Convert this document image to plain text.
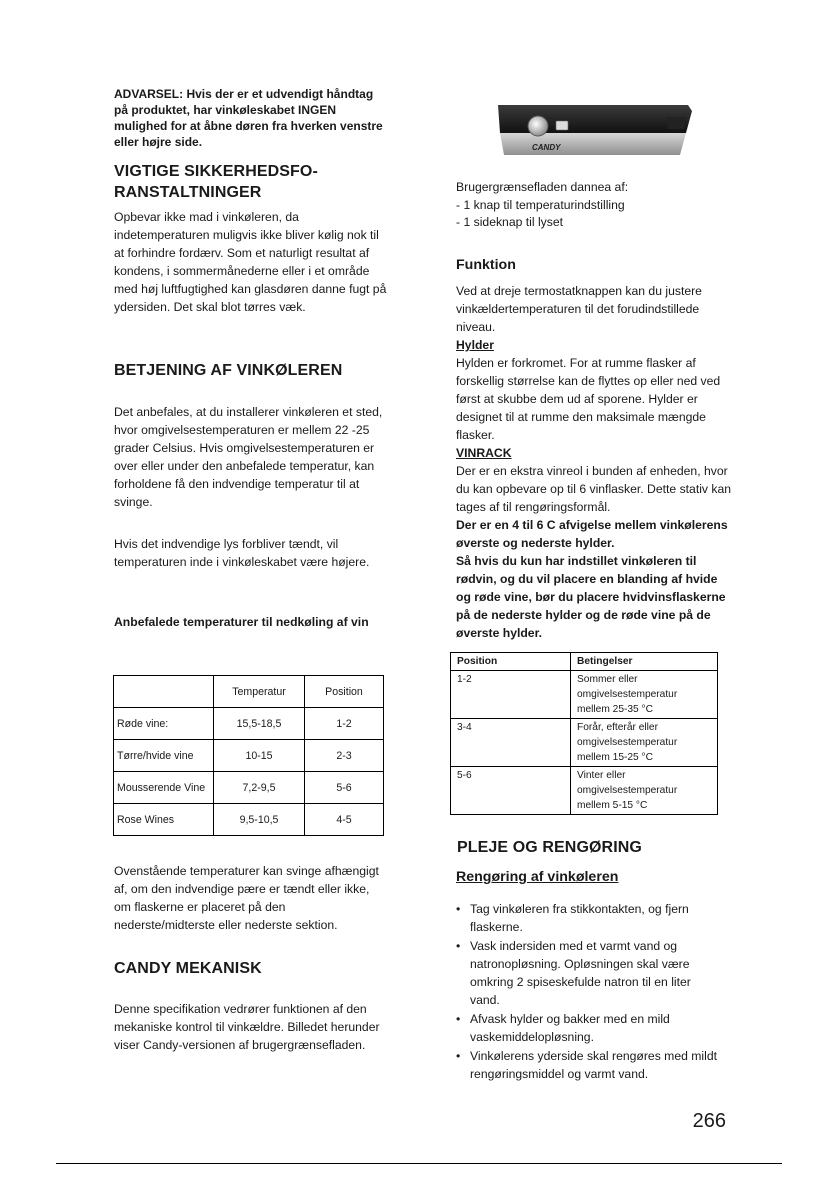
ADVARSEL: Hvis der er et udvendigt håndtag på produktet, har vinkøleskabet INGEN mulighed for at åbne døren fra hverken venstre eller højre side.
VIGTIGE SIKKERHEDSFO-
RANSTALTNINGER
Opbevar ikke mad i vinkøleren, da indetemperaturen muligvis ikke bliver kølig nok til at forhindre fordærv. Som et naturligt resultat af kondens, i sommermånederne eller i et område med høj luftfugtighed kan glasdøren danne fugt på ydersiden. Det skal blot tørres væk.
BETJENING AF VINKØLEREN
Det anbefales, at du installerer vinkøleren et sted, hvor omgivelsestemperaturen er mellem 22 -25 grader Celsius. Hvis omgivelsestemperaturen er over eller under den anbefalede temperatur, kan forholdene få den indvendige temperatur til at svinge.
Hvis det indvendige lys forbliver tændt, vil temperaturen inde i vinkøleskabet være højere.
Anbefalede temperaturer til nedkøling af vin
	Temperatur	Position
Røde vine:	15,5-18,5	1-2
Tørre/hvide vine	10-15	2-3
Mousserende Vine	7,2-9,5	5-6
Rose Wines	9,5-10,5	4-5
Ovenstående temperaturer kan svinge afhængigt af, om den indvendige pære er tændt eller ikke, om flaskerne er placeret på den nederste/midterste eller nederste sektion.
CANDY MEKANISK
Denne specifikation vedrører funktionen af den mekaniske kontrol til vinkældre. Billedet herunder viser Candy-versionen af brugergrænsefladen.
CANDY
Brugergrænsefladen dannea af:
- 1 knap til temperaturindstilling
- 1 sideknap til lyset
Funktion
Ved at dreje termostatknappen kan du justere vinkældertemperaturen til det forudindstillede niveau.
Hylder
Hylden er forkromet. For at rumme flasker af forskellig størrelse kan de flyttes op eller ned ved først at skubbe dem ud af sporene. Hylder er designet til at rumme den maksimale mængde flasker.
VINRACK
Der er en ekstra vinreol i bunden af enheden, hvor du kan opbevare op til 6 vinflasker. Dette stativ kan tages af til rengøringsformål.
Der er en 4 til 6 C afvigelse mellem vinkølerens øverste og nederste hylder.
Så hvis du kun har indstillet vinkøleren til rødvin, og du vil placere en blanding af hvide og røde vine, bør du placere hvidvinsflaskerne på de nederste hylder og de røde vine på de øverste hylder.
Position	Betingelser
1-2	Sommer eller omgivelsestemperatur mellem 25-35 °C
3-4	Forår, efterår eller omgivelsestemperatur mellem 15-25 °C
5-6	Vinter eller omgivelsestemperatur mellem 5-15 °C
PLEJE OG RENGØRING
Rengøring af vinkøleren
• Tag vinkøleren fra stikkontakten, og fjern flaskerne.
• Vask indersiden med et varmt vand og natronopløsning. Opløsningen skal være omkring 2 spiseskefulde natron til en liter vand.
• Afvask hylder og bakker med en mild vaskemiddelopløsning.
• Vinkølerens yderside skal rengøres med mildt rengøringsmiddel og varmt vand.
266
